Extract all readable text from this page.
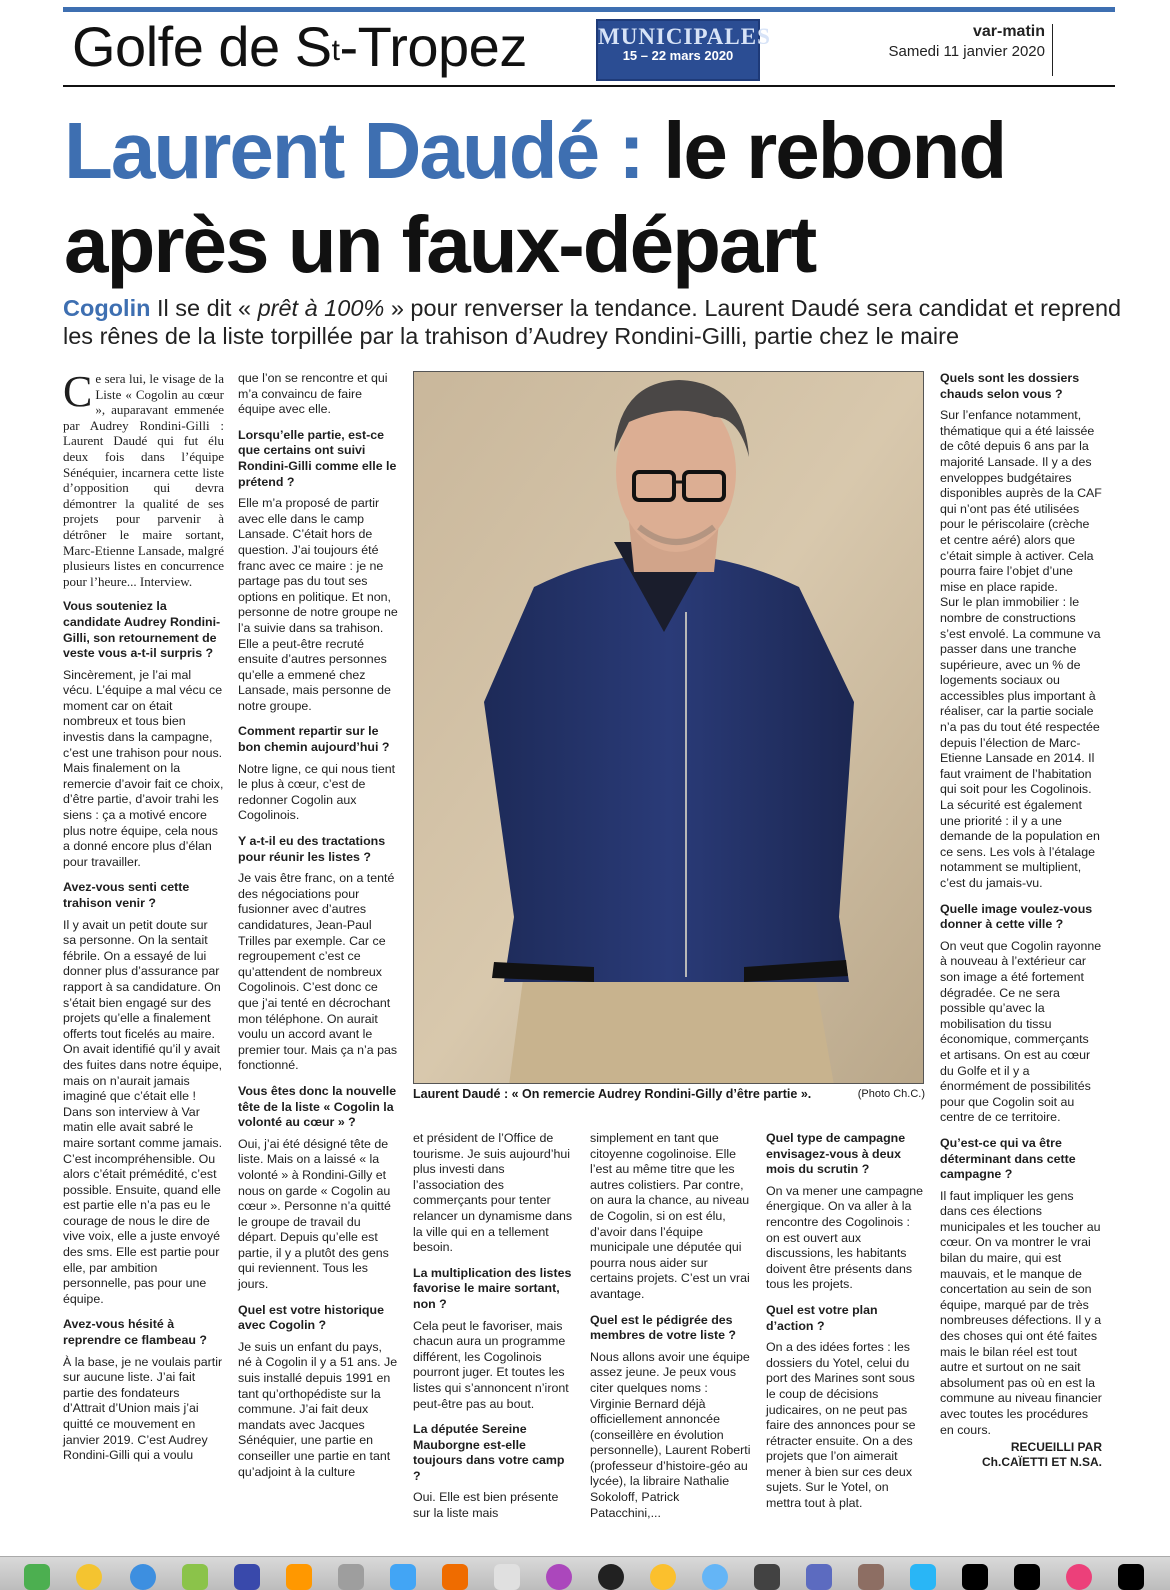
Golfe de $S^t$-Tropez	MUNICIPALES
15 – 22 mars 2020
var-matin
Samedi 11 janvier 2020
Laurent Daudé : le rebond
après un faux-départ
Cogolin Il se dit « prêt à 100% » pour renverser la tendance. Laurent Daudé sera candidat et reprend les rênes de la liste torpillée par la trahison d’Audrey Rondini-Gilli, partie chez le maire

Ce sera lui, le visage de la Liste « Cogolin au cœur », auparavant emmenée par Audrey Rondini-Gilli : Laurent Daudé qui fut élu deux fois dans l’équipe Sénéquier, incarnera cette liste d’opposition qui devra démontrer la qualité de ses projets pour parvenir à détrôner le maire sortant, Marc-Etienne Lansade, malgré plusieurs listes en concurrence pour l’heure... Interview.

Vous souteniez la candidate Audrey Rondini-Gilli, son retournement de veste vous a-t-il surpris ?

Sincèrement, je l’ai mal vécu. L’équipe a mal vécu ce moment car on était nombreux et tous bien investis dans la campagne, c’est une trahison pour nous. Mais finalement on la remercie d’avoir fait ce choix, d’être partie, d’avoir trahi les siens : ça a motivé encore plus notre équipe, cela nous a donné encore plus d’élan pour travailler.

Avez-vous senti cette trahison venir ?

Il y avait un petit doute sur sa personne. On la sentait fébrile. On a essayé de lui donner plus d’assurance par rapport à sa candidature. On s’était bien engagé sur des projets qu’elle a finalement offerts tout ficelés au maire. On avait identifié qu’il y avait des fuites dans notre équipe, mais on n’aurait jamais imaginé que c’était elle ! Dans son interview à Var matin elle avait sabré le maire sortant comme jamais. C’est incompréhensible. Ou alors c’était prémédité, c’est possible. Ensuite, quand elle est partie elle n’a pas eu le courage de nous le dire de vive voix, elle a juste envoyé des sms. Elle est partie pour elle, par ambition personnelle, pas pour une équipe.

Avez-vous hésité à reprendre ce flambeau ?

À la base, je ne voulais partir sur aucune liste. J’ai fait partie des fondateurs d’Attrait d’Union mais j’ai quitté ce mouvement en janvier 2019. C’est Audrey Rondini-Gilli qui a voulu

que l’on se rencontre et qui m’a convaincu de faire équipe avec elle.

Lorsqu’elle partie, est-ce que certains ont suivi Rondini-Gilli comme elle le prétend ?

Elle m’a proposé de partir avec elle dans le camp Lansade. C’était hors de question. J’ai toujours été franc avec ce maire : je ne partage pas du tout ses options en politique. Et non, personne de notre groupe ne l’a suivie dans sa trahison. Elle a peut-être recruté ensuite d’autres personnes qu’elle a emmené chez Lansade, mais personne de notre groupe.

Comment repartir sur le bon chemin aujourd’hui ?

Notre ligne, ce qui nous tient le plus à cœur, c’est de redonner Cogolin aux Cogolinois.

Y a-t-il eu des tractations pour réunir les listes ?

Je vais être franc, on a tenté des négociations pour fusionner avec d’autres candidatures, Jean-Paul Trilles par exemple. Car ce regroupement c’est ce qu’attendent de nombreux Cogolinois. C’est donc ce que j’ai tenté en décrochant mon téléphone. On aurait voulu un accord avant le premier tour. Mais ça n’a pas fonctionné.

Vous êtes donc la nouvelle tête de la liste « Cogolin la volonté au cœur » ?

Oui, j’ai été désigné tête de liste. Mais on a laissé « la volonté » à Rondini-Gilly et nous on garde « Cogolin au cœur ». Personne n’a quitté le groupe de travail du départ. Depuis qu’elle est partie, il y a plutôt des gens qui reviennent. Tous les jours.

Quel est votre historique avec Cogolin ?

Je suis un enfant du pays, né à Cogolin il y a 51 ans. Je suis installé depuis 1991 en tant qu’orthopédiste sur la commune. J’ai fait deux mandats avec Jacques Sénéquier, une partie en conseiller une partie en tant qu’adjoint à la culture

Laurent Daudé : « On remercie Audrey Rondini-Gilly d’être partie ».	(Photo Ch.C.)

et président de l’Office de tourisme. Je suis aujourd’hui plus investi dans l’association des commerçants pour tenter relancer un dynamisme dans la ville qui en a tellement besoin.

La multiplication des listes favorise le maire sortant, non ?

Cela peut le favoriser, mais chacun aura un programme différent, les Cogolinois pourront juger. Et toutes les listes qui s’annoncent n’iront peut-être pas au bout.

La députée Sereine Mauborgne est-elle toujours dans votre camp ?

Oui. Elle est bien présente sur la liste mais

simplement en tant que citoyenne cogolinoise. Elle l’est au même titre que les autres colistiers. Par contre, on aura la chance, au niveau de Cogolin, si on est élu, d’avoir dans l’équipe municipale une députée qui pourra nous aider sur certains projets. C’est un vrai avantage.

Quel est le pédigrée des membres de votre liste ?

Nous allons avoir une équipe assez jeune. Je peux vous citer quelques noms : Virginie Bernard déjà officiellement annoncée (conseillère en évolution personnelle), Laurent Roberti (professeur d’histoire-géo au lycée), la libraire Nathalie Sokoloff, Patrick Patacchini,...

Quel type de campagne envisagez-vous à deux mois du scrutin ?

On va mener une campagne énergique. On va aller à la rencontre des Cogolinois : on est ouvert aux discussions, les habitants doivent être présents dans tous les projets.

Quel est votre plan d’action ?

On a des idées fortes : les dossiers du Yotel, celui du port des Marines sont sous le coup de décisions judicaires, on ne peut pas faire des annonces pour se rétracter ensuite. On a des projets que l’on aimerait mener à bien sur ces deux sujets. Sur le Yotel, on mettra tout à plat.

Quels sont les dossiers chauds selon vous ?

Sur l’enfance notamment, thématique qui a été laissée de côté depuis 6 ans par la majorité Lansade. Il y a des enveloppes budgétaires disponibles auprès de la CAF qui n’ont pas été utilisées pour le périscolaire (crèche et centre aéré) alors que c’était simple à activer. Cela pourra faire l’objet d’une mise en place rapide.

Sur le plan immobilier : le nombre de constructions s’est envolé. La commune va passer dans une tranche supérieure, avec un % de logements sociaux ou accessibles plus important à réaliser, car la partie sociale n’a pas du tout été respectée depuis l’élection de Marc-Etienne Lansade en 2014. Il faut vraiment de l’habitation qui soit pour les Cogolinois. La sécurité est également une priorité : il y a une demande de la population en ce sens. Les vols à l’étalage notamment se multiplient, c’est du jamais-vu.

Quelle image voulez-vous donner à cette ville ?

On veut que Cogolin rayonne à nouveau à l’extérieur car son image a été fortement dégradée. Ce ne sera possible qu’avec la mobilisation du tissu économique, commerçants et artisans. On est au cœur du Golfe et il y a énormément de possibilités pour que Cogolin soit au centre de ce territoire.

Qu’est-ce qui va être déterminant dans cette campagne ?

Il faut impliquer les gens dans ces élections municipales et les toucher au cœur. On va montrer le vrai bilan du maire, qui est mauvais, et le manque de concertation au sein de son équipe, marqué par de très nombreuses défections. Il y a des choses qui ont été faites mais le bilan réel est tout autre et surtout on ne sait absolument pas où en est la commune au niveau financier avec toutes les procédures en cours.

RECUEILLI PAR
Ch.CAÏETTI ET N.SA.
